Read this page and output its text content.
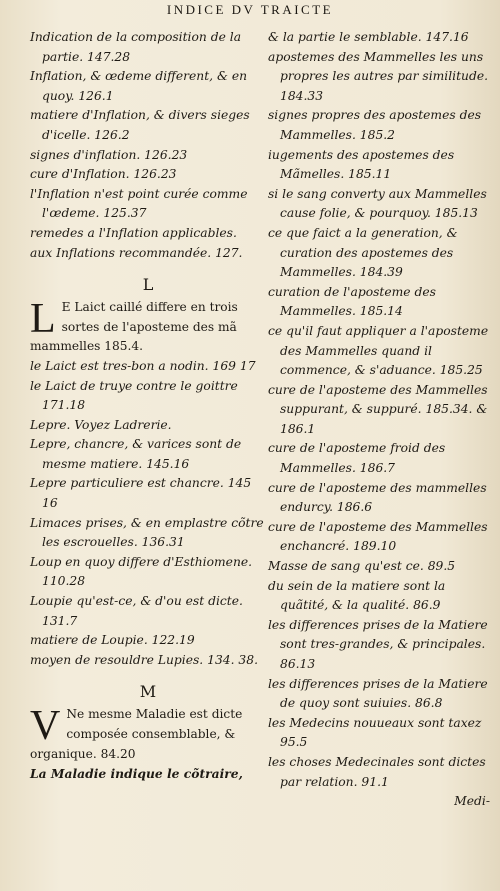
INDICE DV TRAICTE

Indication de la composition de la partie. 147.28

Inflation, & œdeme different, & en quoy. 126.1

matiere d'Inflation, & divers sieges d'icelle. 126.2

signes d'inflation. 126.23

cure d'Inflation. 126.23

l'Inflation n'est point curée comme l'œdeme. 125.37

remedes a l'Inflation applicables.

aux Inflations recommandée. 127.

L

L E Laict caillé differe en trois sortes de l'aposteme des mã mammelles 185.4.

le Laict est tres-bon a nodin. 169 17

le Laict de truye contre le goittre 171.18

Lepre. Voyez Ladrerie.

Lepre, chancre, & varices sont de mesme matiere. 145.16

Lepre particuliere est chancre. 145 16

Limaces prises, & en emplastre cõtre les escrouelles. 136.31

Loup en quoy differe d'Esthiomene. 110.28

Loupie qu'est-ce, & d'ou est dicte. 131.7

matiere de Loupie. 122.19

moyen de resouldre Lupies. 134. 38.

M

V Ne mesme Maladie est dicte composée consemblable, & organique. 84.20

La Maladie indique le cõtraire,

& la partie le semblable. 147.16

apostemes des Mammelles les uns propres les autres par similitude. 184.33

signes propres des apostemes des Mammelles. 185.2

iugements des apostemes des Mãmelles. 185.11

si le sang converty aux Mammelles cause folie, & pourquoy. 185.13

ce que faict a la generation, & curation des apostemes des Mammelles. 184.39

curation de l'aposteme des Mammelles. 185.14

ce qu'il faut appliquer a l'aposteme des Mammelles quand il commence, & s'aduance. 185.25

cure de l'aposteme des Mammelles suppurant, & suppuré. 185.34. & 186.1

cure de l'aposteme froid des Mammelles. 186.7

cure de l'aposteme des mammelles endurcy. 186.6

cure de l'aposteme des Mammelles enchancré. 189.10

Masse de sang qu'est ce. 89.5

du sein de la matiere sont la quãtité, & la qualité. 86.9

les differences prises de la Matiere sont tres-grandes, & principales. 86.13

les differences prises de la Matiere de quoy sont suiuies. 86.8

les Medecins nouueaux sont taxez 95.5

les choses Medecinales sont dictes par relation. 91.1

Medi-
